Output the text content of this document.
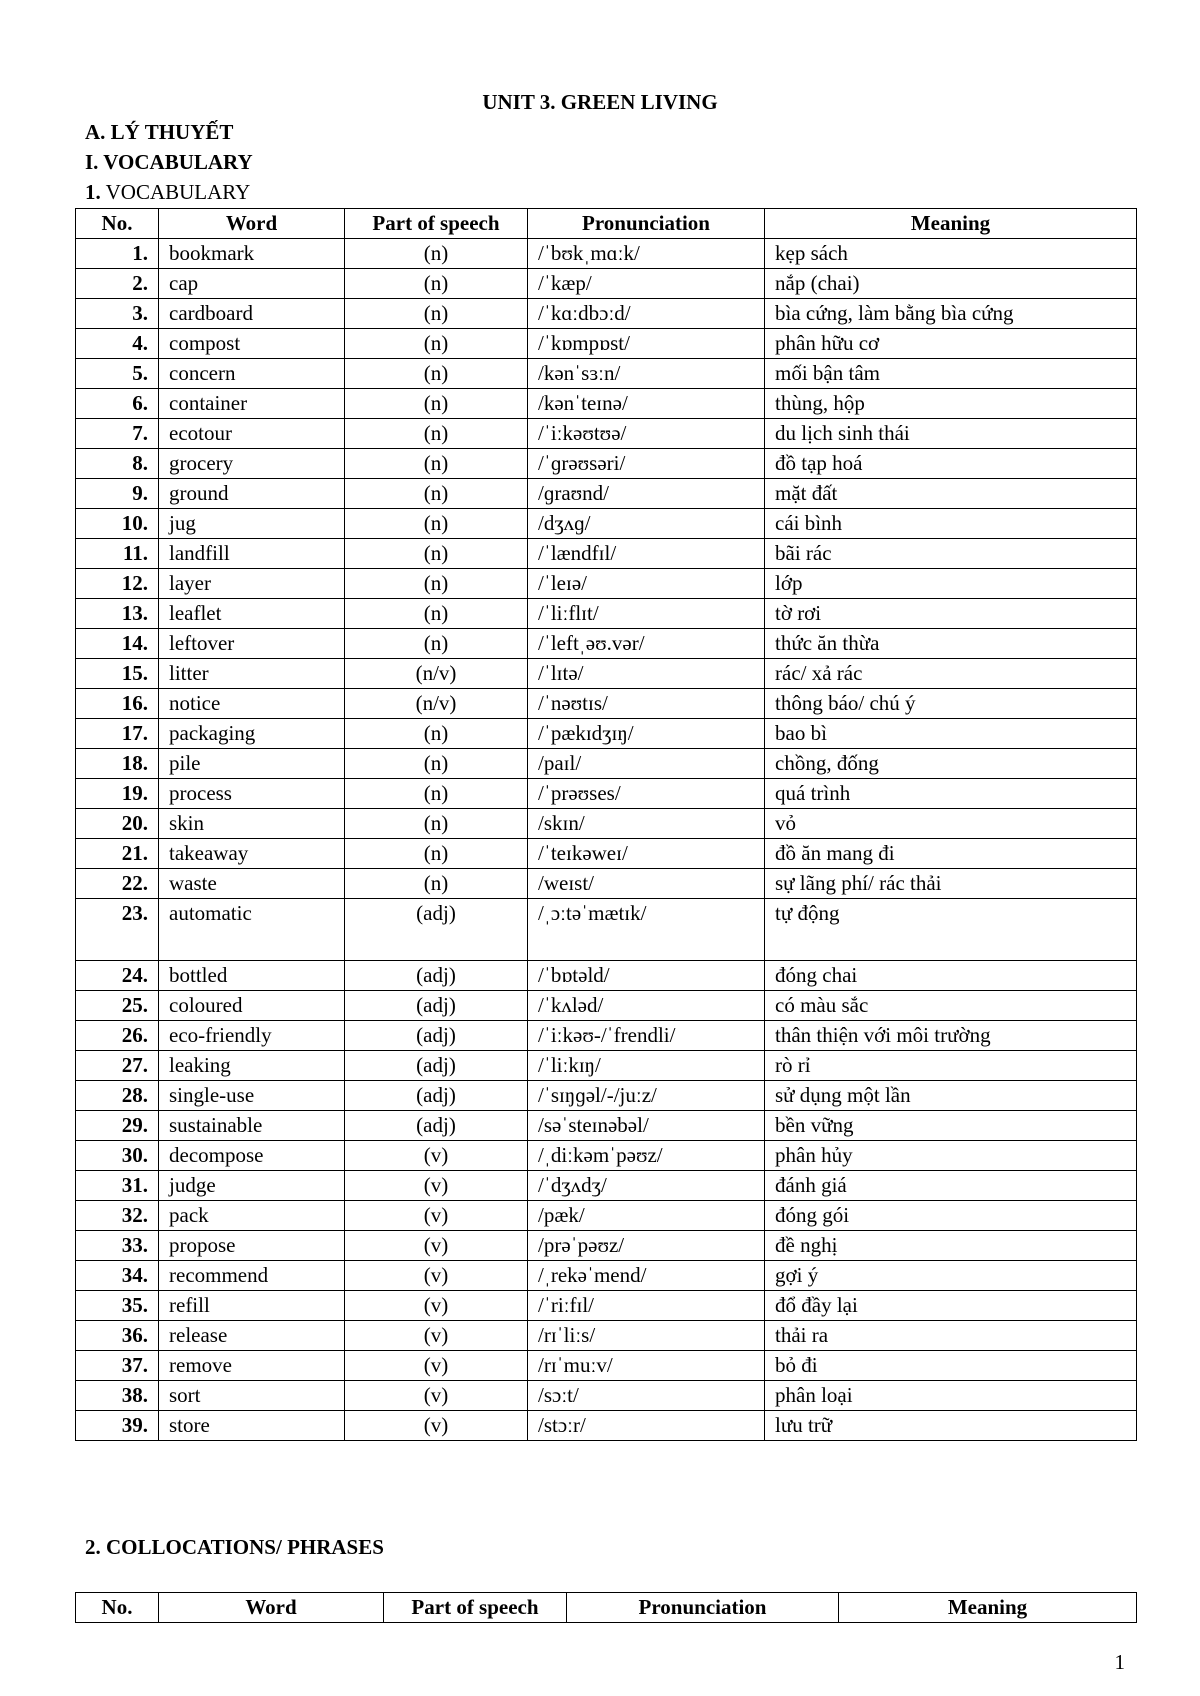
UNIT 3. GREEN LIVING
A. LÝ THUYẾT
I. VOCABULARY
1. VOCABULARY
No.	Word	Part of speech	Pronunciation	Meaning
1.	bookmark	(n)	/ˈbʊkˌmɑːk/	kẹp sách
2.	cap	(n)	/ˈkæp/	nắp (chai)
3.	cardboard	(n)	/ˈkɑːdbɔːd/	bìa cứng, làm bằng bìa cứng
4.	compost	(n)	/ˈkɒmpɒst/	phân hữu cơ
5.	concern	(n)	/kənˈsɜːn/	mối bận tâm
6.	container	(n)	/kənˈteɪnə/	thùng, hộp
7.	ecotour	(n)	/ˈiːkəʊtʊə/	du lịch sinh thái
8.	grocery	(n)	/ˈɡrəʊsəri/	đồ tạp hoá
9.	ground	(n)	/ɡraʊnd/	mặt đất
10.	jug	(n)	/dʒʌɡ/	cái bình
11.	landfill	(n)	/ˈlændfɪl/	bãi rác
12.	layer	(n)	/ˈleɪə/	lớp
13.	leaflet	(n)	/ˈliːflɪt/	tờ rơi
14.	leftover	(n)	/ˈleftˌəʊ.vər/	thức ăn thừa
15.	litter	(n/v)	/ˈlɪtə/	rác/ xả rác
16.	notice	(n/v)	/ˈnəʊtɪs/	thông báo/ chú ý
17.	packaging	(n)	/ˈpækɪdʒɪŋ/	bao bì
18.	pile	(n)	/paɪl/	chồng, đống
19.	process	(n)	/ˈprəʊses/	quá trình
20.	skin	(n)	/skɪn/	vỏ
21.	takeaway	(n)	/ˈteɪkəweɪ/	đồ ăn mang đi
22.	waste	(n)	/weɪst/	sự lãng phí/ rác thải
23.	automatic	(adj)	/ˌɔːtəˈmætɪk/	tự động
24.	bottled	(adj)	/ˈbɒtəld/	đóng chai
25.	coloured	(adj)	/ˈkʌləd/	có màu sắc
26.	eco-friendly	(adj)	/ˈiːkəʊ-/ˈfrendli/	thân thiện với môi trường
27.	leaking	(adj)	/ˈliːkɪŋ/	rò rỉ
28.	single-use	(adj)	/ˈsɪŋɡəl/-/juːz/	sử dụng một lần
29.	sustainable	(adj)	/səˈsteɪnəbəl/	bền vững
30.	decompose	(v)	/ˌdiːkəmˈpəʊz/	phân hủy
31.	judge	(v)	/ˈdʒʌdʒ/	đánh giá
32.	pack	(v)	/pæk/	đóng gói
33.	propose	(v)	/prəˈpəʊz/	đề nghị
34.	recommend	(v)	/ˌrekəˈmend/	gợi ý
35.	refill	(v)	/ˈriːfɪl/	đổ đầy lại
36.	release	(v)	/rɪˈliːs/	thải ra
37.	remove	(v)	/rɪˈmuːv/	bỏ đi
38.	sort	(v)	/sɔːt/	phân loại
39.	store	(v)	/stɔːr/	lưu trữ
2. COLLOCATIONS/ PHRASES
No.	Word	Part of speech	Pronunciation	Meaning
1
